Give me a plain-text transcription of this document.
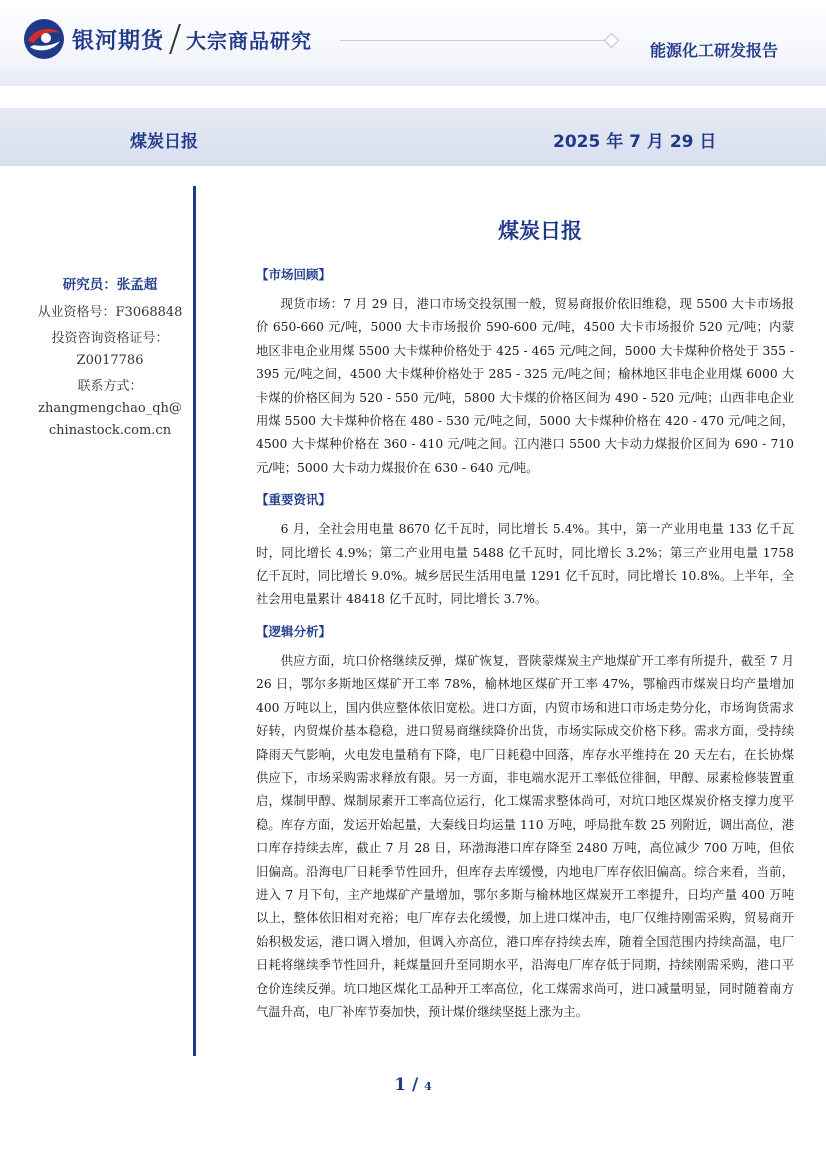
银河期货 大宗商品研究	能源化工研发报告
煤炭日报	2025 年 7 月 29 日
研究员：张孟超
从业资格号：F3068848
投资咨询资格证号：
Z0017786
联系方式：
zhangmengchao_qh@
chinastock.com.cn
煤炭日报
【市场回顾】

现货市场：7 月 29 日，港口市场交投氛围一般，贸易商报价依旧维稳，现 5500 大卡市场报价 650-660 元/吨，5000 大卡市场报价 590-600 元/吨，4500 大卡市场报价 520 元/吨；内蒙地区非电企业用煤 5500 大卡煤种价格处于 425 - 465 元/吨之间，5000 大卡煤种价格处于 355 - 395 元/吨之间，4500 大卡煤种价格处于 285 - 325 元/吨之间；榆林地区非电企业用煤 6000 大卡煤的价格区间为 520 - 550 元/吨，5800 大卡煤的价格区间为 490 - 520 元/吨；山西非电企业用煤 5500 大卡煤种价格在 480 - 530 元/吨之间，5000 大卡煤种价格在 420 - 470 元/吨之间，4500 大卡煤种价格在 360 - 410 元/吨之间。江内港口 5500 大卡动力煤报价区间为 690 - 710 元/吨；5000 大卡动力煤报价在 630 - 640 元/吨。

【重要资讯】

6 月，全社会用电量 8670 亿千瓦时，同比增长 5.4%。其中，第一产业用电量 133 亿千瓦时，同比增长 4.9%；第二产业用电量 5488 亿千瓦时，同比增长 3.2%；第三产业用电量 1758 亿千瓦时，同比增长 9.0%。城乡居民生活用电量 1291 亿千瓦时，同比增长 10.8%。上半年，全社会用电量累计 48418 亿千瓦时，同比增长 3.7%。

【逻辑分析】

供应方面，坑口价格继续反弹，煤矿恢复，晋陕蒙煤炭主产地煤矿开工率有所提升，截至 7 月 26 日，鄂尔多斯地区煤矿开工率 78%，榆林地区煤矿开工率 47%，鄂榆西市煤炭日均产量增加 400 万吨以上，国内供应整体依旧宽松。进口方面，内贸市场和进口市场走势分化，市场询货需求好转，内贸煤价基本稳稳，进口贸易商继续降价出货，市场实际成交价格下移。需求方面，受持续降雨天气影响，火电发电量稍有下降，电厂日耗稳中回落，库存水平维持在 20 天左右，在长协煤供应下，市场采购需求释放有限。另一方面，非电端水泥开工率低位徘徊，甲醇、尿素检修装置重启，煤制甲醇、煤制尿素开工率高位运行，化工煤需求整体尚可，对坑口地区煤炭价格支撑力度平稳。库存方面，发运开始起量，大秦线日均运量 110 万吨，呼局批车数 25 列附近，调出高位，港口库存持续去库，截止 7 月 28 日，环渤海港口库存降至 2480 万吨，高位减少 700 万吨，但依旧偏高。沿海电厂日耗季节性回升，但库存去库缓慢，内地电厂库存依旧偏高。综合来看，当前，进入 7 月下旬，主产地煤矿产量增加，鄂尔多斯与榆林地区煤炭开工率提升，日均产量 400 万吨以上，整体依旧相对充裕；电厂库存去化缓慢，加上进口煤冲击，电厂仅维持刚需采购，贸易商开始积极发运，港口调入增加，但调入亦高位，港口库存持续去库，随着全国范围内持续高温，电厂日耗将继续季节性回升，耗煤量回升至同期水平，沿海电厂库存低于同期，持续刚需采购，港口平仓价连续反弹。坑口地区煤化工品种开工率高位，化工煤需求尚可，进口减量明显，同时随着南方气温升高，电厂补库节奏加快，预计煤价继续坚挺上涨为主。

1 / 4
